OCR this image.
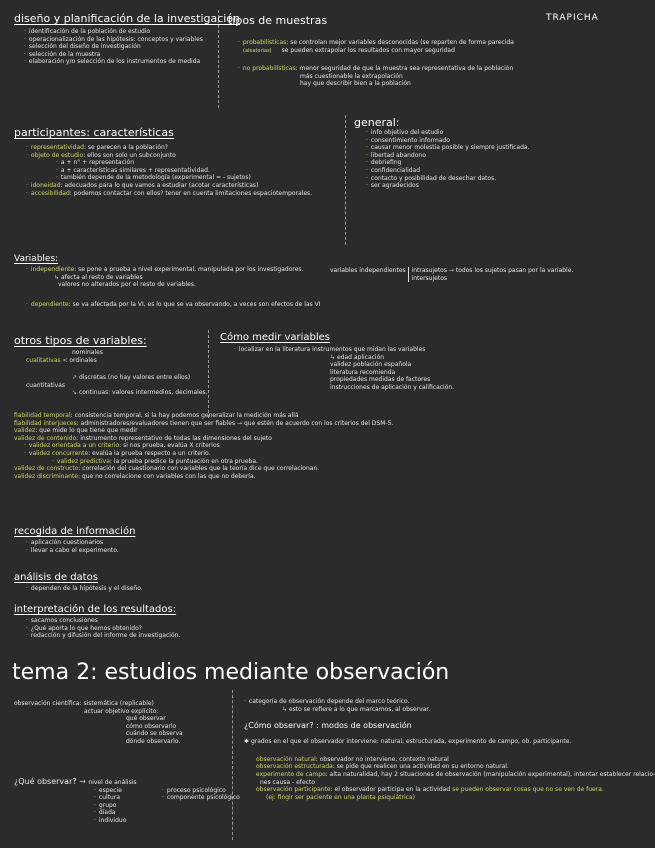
TRAPICHA
diseño y planificación de la investigación
· identificación de la población de estudio
· operacionalización de las hipótesis: conceptos y variables
· selección del diseño de investigación
· selección de la muestra
· elaboración y/o selección de los instrumentos de medida
tipos de muestras
· probabilísticas: se controlan mejor variables desconocidas (se reparten de forma parecida
(aleatorias) se pueden extrapolar los resultados con mayor seguridad
· no probabilísticas: menor seguridad de que la muestra sea representativa de la población
más cuestionable la extrapolación
hay que describir bien a la población
participantes: características
· representatividad: se parecen a la población?
· objeto de estudio: ellos son solo un subconjunto
· a + n° + representación
· a + características similares + representatividad.
· también depende de la metodología (experimental = - sujetos)
· idoneidad: adecuados para lo que vamos a estudiar (acotar características)
· accesibilidad: podemos contactar con ellos? tener en cuenta limitaciones espaciotemporales.
general:
· info objetivo del estudio
· consentimiento informado
· causar menor molestia posible y siempre justificada.
· libertad abandono
· debriefing
· confidencialidad
· contacto y posibilidad de desechar datos.
· ser agradecidos
Variables:
· independiente: se pone a prueba a nivel experimental, manipulada por los investigadores.
↳ afecta al resto de variables
valores no alterados por el resto de variables.
· dependiente: se va afectada por la VI, es lo que se va observando, a veces son efectos de las VI
variables independientes intrasujetos → todos los sujetos pasan por la variable.
intersujetos
otros tipos de variables:
nominales
cualitativas < ordinales
↗ discretas (no hay valores entre ellos)
cuantitativas
↘ continuas: valores intermedios, decimales.
Cómo medir variables
· localizar en la literatura instrumentos que midan las variables
↳ edad aplicación
validez población española
literatura recomienda
propiedades medidas de factores
instrucciones de aplicación y calificación.
fiabilidad temporal: consistencia temporal, si la hay podemos generalizar la medición más allá
fiabilidad interjueces: administradores/evaluadores tienen que ser fiables → que estén de acuerdo con los criterios del DSM-5.
validez: que mide lo que tiene que medir
validez de contenido: instrumento representativo de todas las dimensiones del sujeto
· validez orientada a un criterio: si nos prueba, evalúa X criterios
· validez concurrente: evalúa la prueba respecto a un criterio.
· validez predictiva: la prueba predice la puntuación en otra prueba.
validez de constructo: correlación del cuestionario con variables que la teoría dice que correlacionan.
validez discriminante: que no correlacione con variables con las que no debería.
recogida de información
· aplicación cuestionarios
· llevar a cabo el experimento.
análisis de datos
· dependen de la hipótesis y el diseño.
interpretación de los resultados:
· sacamos conclusiones
· ¿Qué aporta lo que hemos obtenido?
· redacción y difusión del informe de investigación.
tema 2: estudios mediante observación
observación científica: sistemática (replicable)
actuar objetivo explícito:
qué observar
cómo observarlo
cuándo se observa
dónde observarlo.
¿Qué observar? → nivel de análisis
· especie
· cultura
· grupo
· díada
· individuo
· proceso psicológico
· componente psicológico
· categoría de observación depende del marco teórico.
↳ esto se refiere a lo que marcamos, al observar.
¿Cómo observar? : modos de observación
✱ grados en el que el observador interviene: natural, estructurada, experimento de campo, ob. participante.
observación natural: observador no interviene, contexto natural
observación estructurada: se pide que realicen una actividad en su entorno natural.
experimento de campo: alta naturalidad, hay 2 situaciones de observación (manipulación experimental), intentar establecer relacio-
nes causa - efecto
observación participante: el observador participa en la actividad se pueden observar cosas que no se ven de fuera.
(ej: fingir ser paciente en una planta psiquiátrica)
